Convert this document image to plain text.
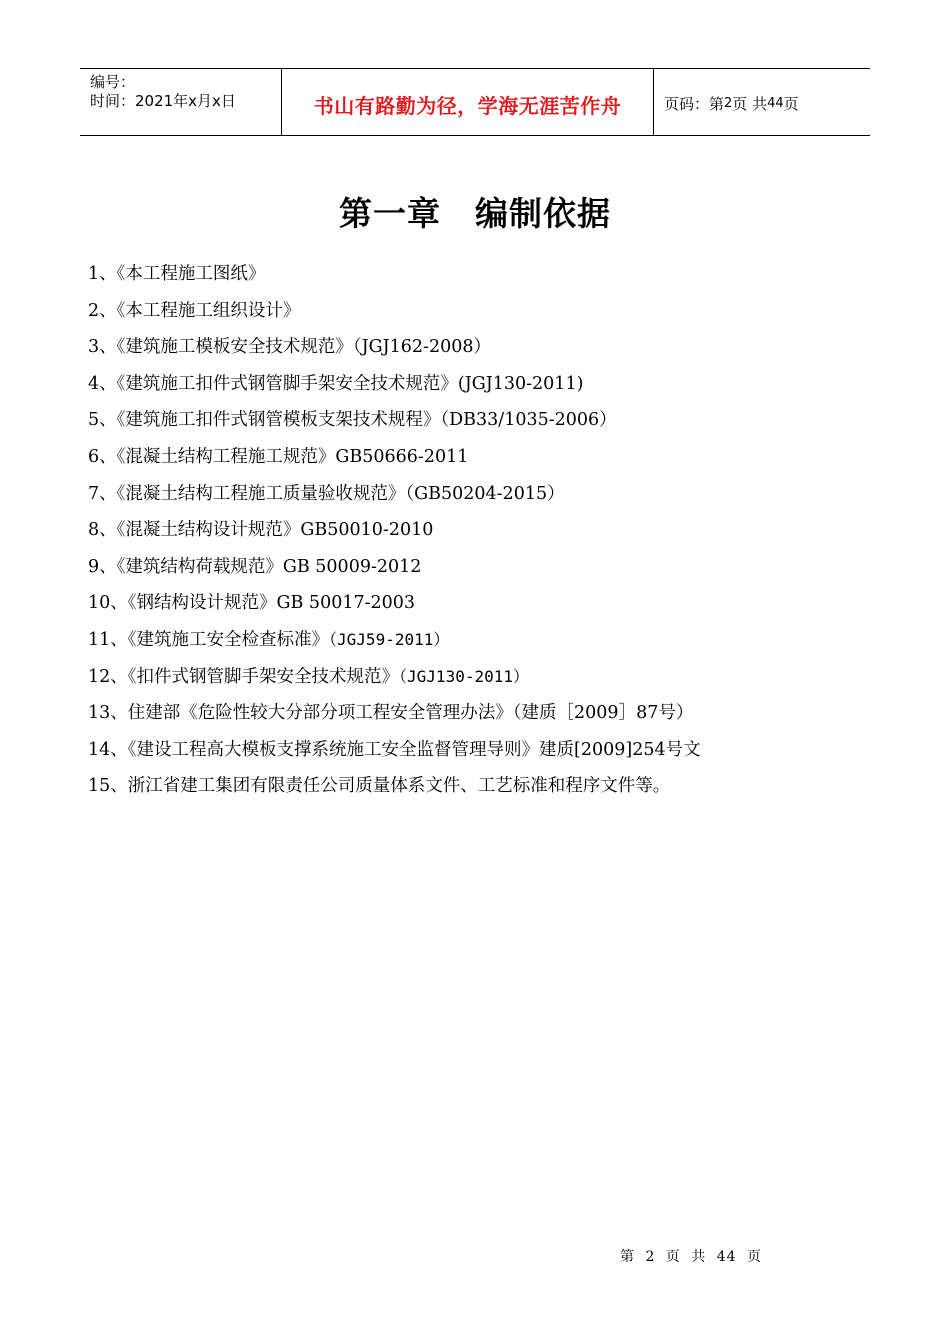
编号：
时间：2021年x月x日	书山有路勤为径，学海无涯苦作舟	页码：第 2 页 共 44 页
第一章 编制依据
1、《本工程施工图纸》
2、《本工程施工组织设计》
3、《建筑施工模板安全技术规范》（JGJ162-2008）
4、《建筑施工扣件式钢管脚手架安全技术规范》(JGJ130-2011)
5、《建筑施工扣件式钢管模板支架技术规程》（DB33/1035-2006）
6、《混凝土结构工程施工规范》GB50666-2011
7、《混凝土结构工程施工质量验收规范》（GB50204-2015）
8、《混凝土结构设计规范》GB50010-2010
9、《建筑结构荷载规范》GB 50009-2012
10、《钢结构设计规范》GB 50017-2003
11、《建筑施工安全检查标准》（JGJ59-2011）
12、《扣件式钢管脚手架安全技术规范》（JGJ130-2011）
13、住建部《危险性较大分部分项工程安全管理办法》（建质［2009］87号）
14、《建设工程高大模板支撑系统施工安全监督管理导则》建质[2009]254号文
15、浙江省建工集团有限责任公司质量体系文件、工艺标准和程序文件等。
第 2 页 共 44 页
